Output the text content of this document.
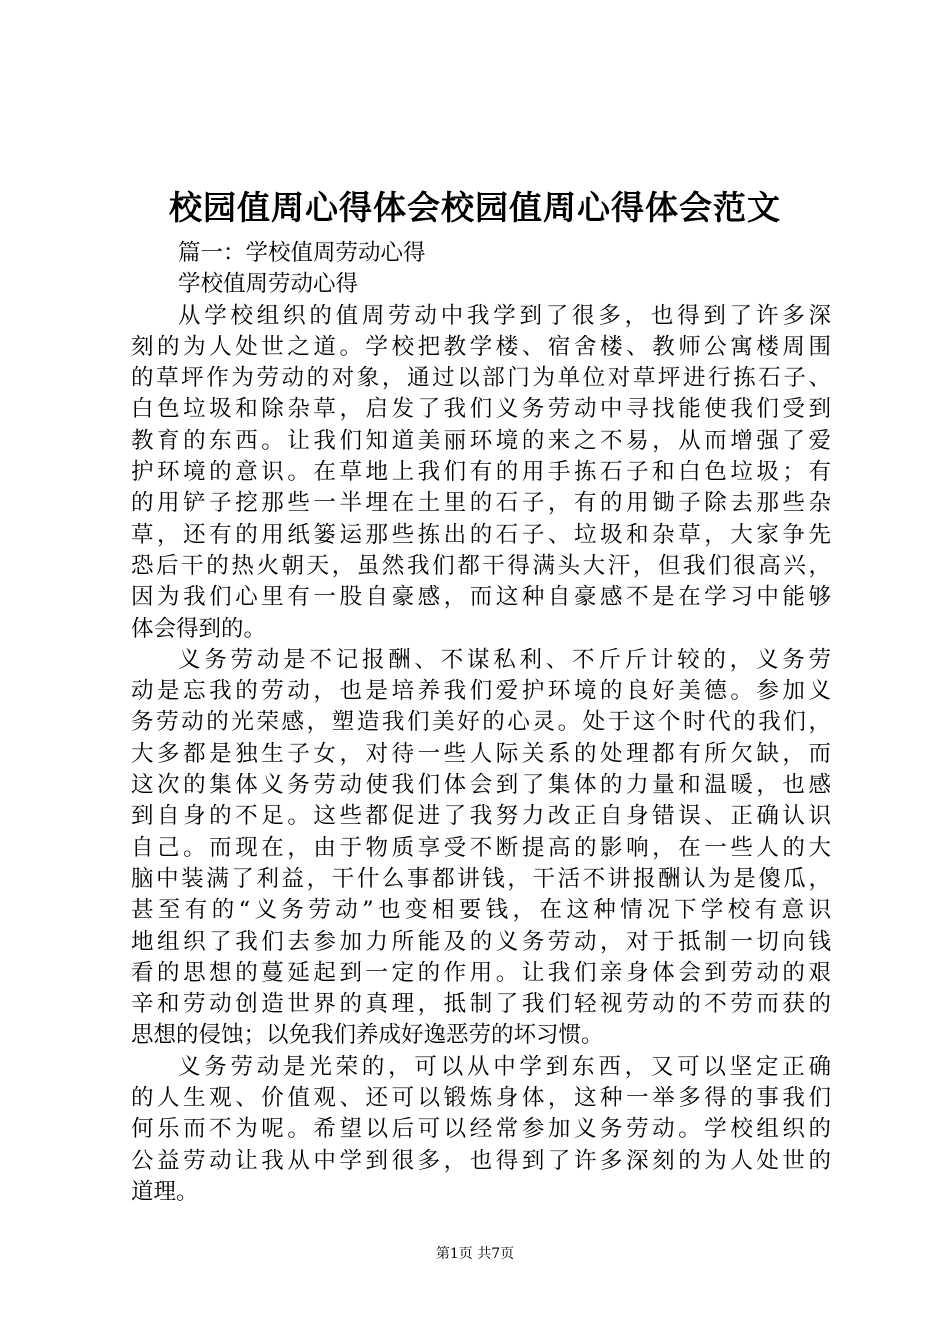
校园值周心得体会校园值周心得体会范文
篇一：学校值周劳动心得
学校值周劳动心得
从学校组织的值周劳动中我学到了很多，也得到了许多深
刻的为人处世之道。学校把教学楼、宿舍楼、教师公寓楼周围
的草坪作为劳动的对象，通过以部门为单位对草坪进行拣石子、
白色垃圾和除杂草，启发了我们义务劳动中寻找能使我们受到
教育的东西。让我们知道美丽环境的来之不易，从而增强了爱
护环境的意识。在草地上我们有的用手拣石子和白色垃圾；有
的用铲子挖那些一半埋在土里的石子，有的用锄子除去那些杂
草，还有的用纸篓运那些拣出的石子、垃圾和杂草，大家争先
恐后干的热火朝天，虽然我们都干得满头大汗，但我们很高兴，
因为我们心里有一股自豪感，而这种自豪感不是在学习中能够
体会得到的。
义务劳动是不记报酬、不谋私利、不斤斤计较的，义务劳
动是忘我的劳动，也是培养我们爱护环境的良好美德。参加义
务劳动的光荣感，塑造我们美好的心灵。处于这个时代的我们，
大多都是独生子女，对待一些人际关系的处理都有所欠缺，而
这次的集体义务劳动使我们体会到了集体的力量和温暖，也感
到自身的不足。这些都促进了我努力改正自身错误、正确认识
自己。而现在，由于物质享受不断提高的影响，在一些人的大
脑中装满了利益，干什么事都讲钱，干活不讲报酬认为是傻瓜，
甚至有的“义务劳动”也变相要钱，在这种情况下学校有意识
地组织了我们去参加力所能及的义务劳动，对于抵制一切向钱
看的思想的蔓延起到一定的作用。让我们亲身体会到劳动的艰
辛和劳动创造世界的真理，抵制了我们轻视劳动的不劳而获的
思想的侵蚀；以免我们养成好逸恶劳的坏习惯。
义务劳动是光荣的，可以从中学到东西，又可以坚定正确
的人生观、价值观、还可以锻炼身体，这种一举多得的事我们
何乐而不为呢。希望以后可以经常参加义务劳动。学校组织的
公益劳动让我从中学到很多，也得到了许多深刻的为人处世的
道理。
第1页 共7页
